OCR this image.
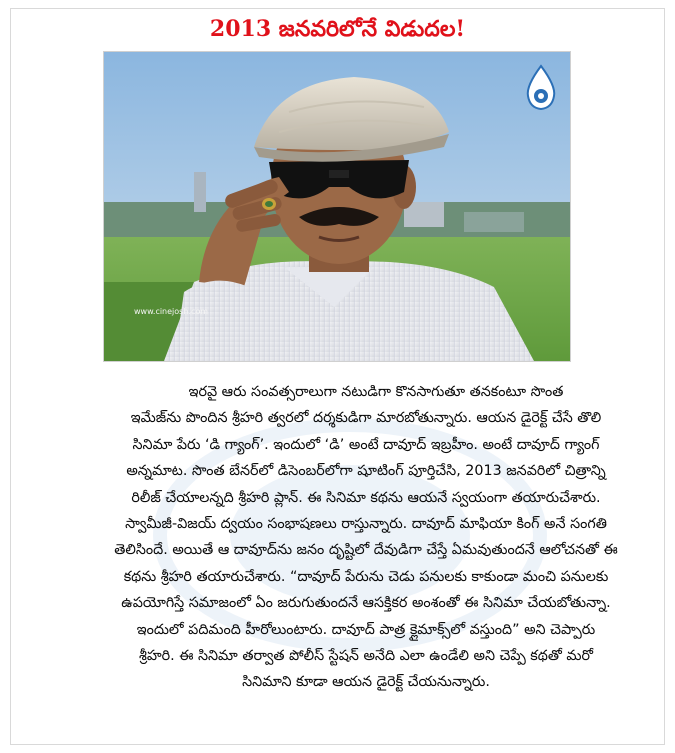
2013 జనవరిలోనే విడుదల!
www.cinejosh.com
ఇరవై ఆరు సంవత్సరాలుగా నటుడిగా కొనసాగుతూ తనకంటూ సొంత
ఇమేజ్‌ను పొందిన శ్రీహరి త్వరలో దర్శకుడిగా మారబోతున్నారు. ఆయన డైరెక్ట్ చేసే తొలి
సినిమా పేరు ‘డి గ్యాంగ్’. ఇందులో ‘డి’ అంటే దావూద్ ఇబ్రహీం. అంటే దావూద్ గ్యాంగ్
అన్నమాట. సొంత బేనర్‌లో డిసెంబర్‌లోగా షూటింగ్ పూర్తిచేసి, 2013 జనవరిలో చిత్రాన్ని
రిలీజ్ చేయాలన్నది శ్రీహరి ప్లాన్. ఈ సినిమా కథను ఆయనే స్వయంగా తయారుచేశారు.
స్వామీజీ-విజయ్ ద్వయం సంభాషణలు రాస్తున్నారు. దావూద్ మాఫియా కింగ్ అనే సంగతి
తెలిసిందే. అయితే ఆ దావూద్‌ను జనం దృష్టిలో దేవుడిగా చేస్తే ఏమవుతుందనే ఆలోచనతో ఈ
కథను శ్రీహరి తయారుచేశారు. “దావూద్ పేరును చెడు పనులకు కాకుండా మంచి పనులకు
ఉపయోగిస్తే సమాజంలో ఏం జరుగుతుందనే ఆసక్తికర అంశంతో ఈ సినిమా చేయబోతున్నా.
ఇందులో పదిమంది హీరోలుంటారు. దావూద్ పాత్ర క్లైమాక్స్‌లో వస్తుంది” అని చెప్పారు
శ్రీహరి. ఈ సినిమా తర్వాత పోలీస్ స్టేషన్ అనేది ఎలా ఉండేలి అని చెప్పే కథతో మరో
సినిమాని కూడా ఆయన డైరెక్ట్ చేయనున్నారు.
